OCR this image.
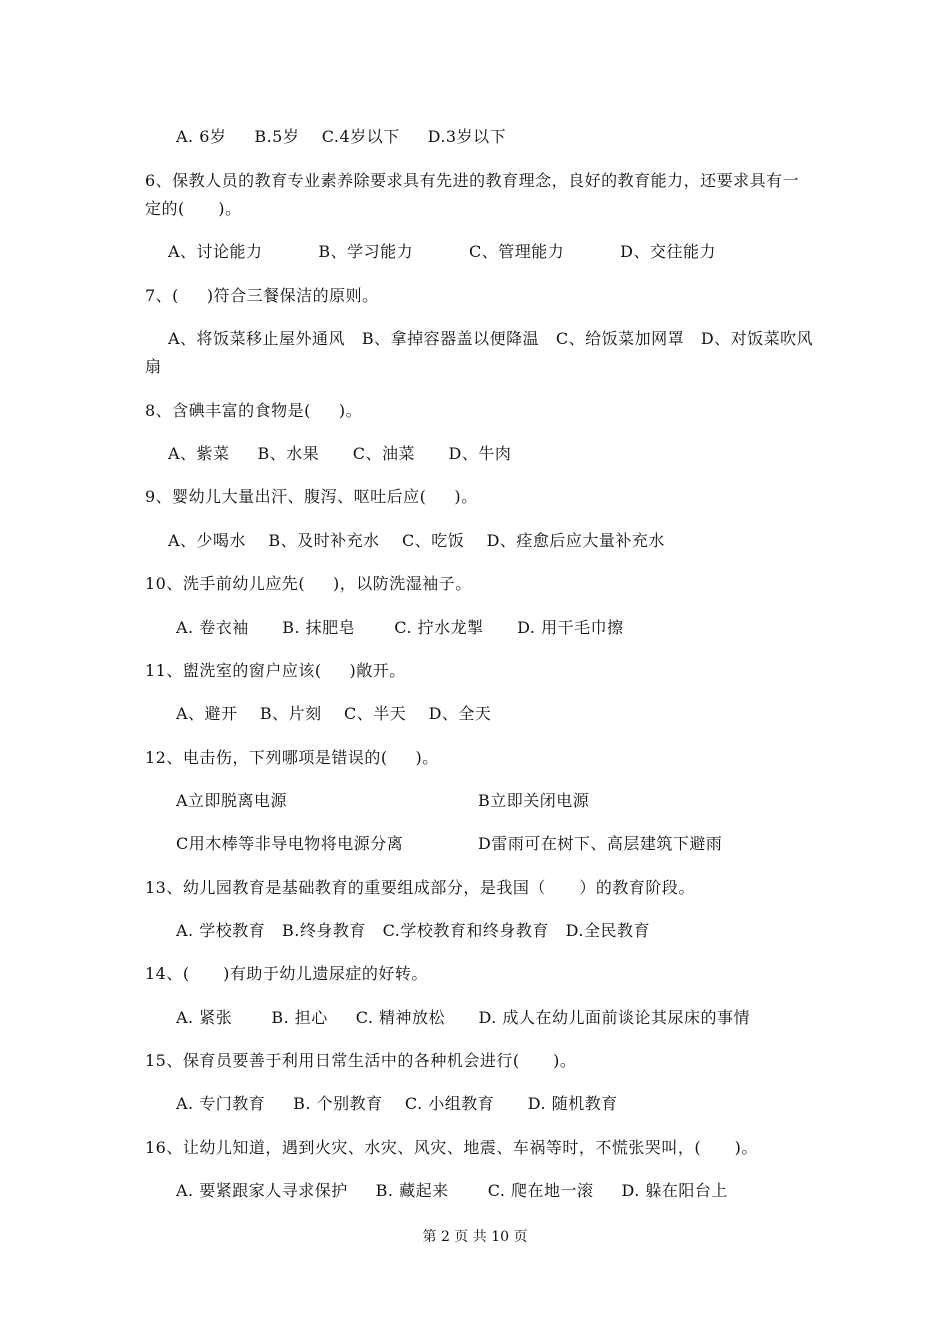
A. 6岁     B.5岁    C.4岁以下     D.3岁以下
6、保教人员的教育专业素养除要求具有先进的教育理念，良好的教育能力，还要求具有一
定的(      )。
A、讨论能力          B、学习能力          C、管理能力          D、交往能力
7、(     )符合三餐保洁的原则。
A、将饭菜移止屋外通风   B、拿掉容器盖以便降温   C、给饭菜加网罩   D、对饭菜吹风
扇
8、含碘丰富的食物是(     )。
A、紫菜     B、水果      C、油菜      D、牛肉
9、婴幼儿大量出汗、腹泻、呕吐后应(     )。
A、少喝水    B、及时补充水    C、吃饭    D、痊愈后应大量补充水
10、洗手前幼儿应先(     )，以防洗湿袖子。
A. 卷衣袖      B. 抹肥皂       C. 拧水龙掣      D. 用干毛巾擦
11、盥洗室的窗户应该(     )敞开。
A、避开    B、片刻    C、半天    D、全天
12、电击伤，下列哪项是错误的(     )。
A立即脱离电源	B立即关闭电源
C用木棒等非导电物将电源分离	D雷雨可在树下、高层建筑下避雨
13、幼儿园教育是基础教育的重要组成部分，是我国（      ）的教育阶段。
A. 学校教育   B.终身教育   C.学校教育和终身教育   D.全民教育
14、(      )有助于幼儿遗尿症的好转。
A. 紧张       B. 担心     C. 精神放松      D. 成人在幼儿面前谈论其尿床的事情
15、保育员要善于利用日常生活中的各种机会进行(      )。
A. 专门教育     B. 个别教育    C. 小组教育      D. 随机教育
16、让幼儿知道，遇到火灾、水灾、风灾、地震、车祸等时，不慌张哭叫，(      )。
A. 要紧跟家人寻求保护     B. 藏起来       C. 爬在地一滚     D. 躲在阳台上
第 2 页 共 10 页
